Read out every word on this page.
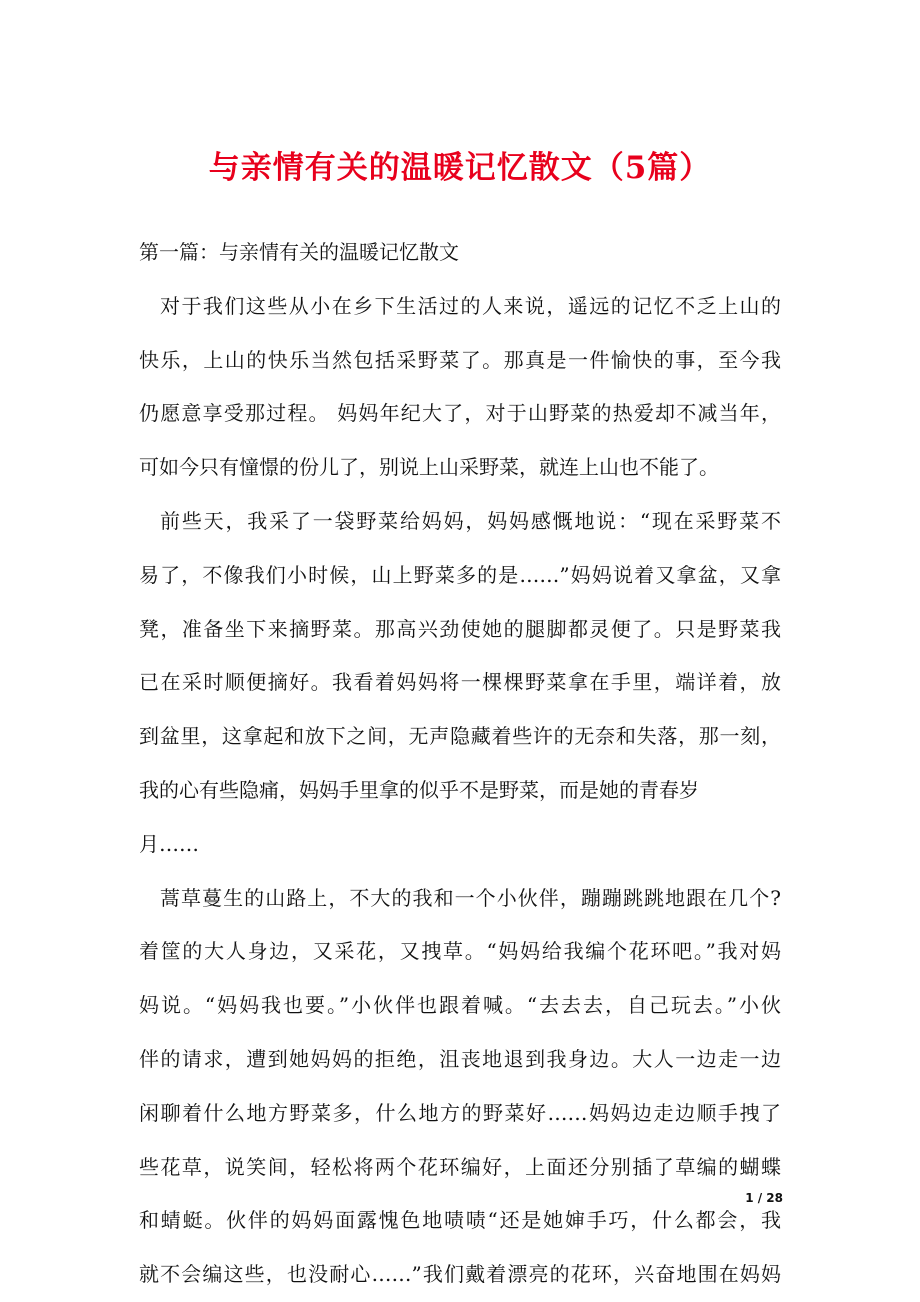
与亲情有关的温暖记忆散文（5篇）
第一篇：与亲情有关的温暖记忆散文
对于我们这些从小在乡下生活过的人来说，遥远的记忆不乏上山的
快乐，上山的快乐当然包括采野菜了。那真是一件愉快的事，至今我
仍愿意享受那过程。 妈妈年纪大了，对于山野菜的热爱却不减当年，
可如今只有憧憬的份儿了，别说上山采野菜，就连上山也不能了。
前些天，我采了一袋野菜给妈妈，妈妈感慨地说：“现在采野菜不
易了，不像我们小时候，山上野菜多的是……”妈妈说着又拿盆，又拿
凳，准备坐下来摘野菜。那高兴劲使她的腿脚都灵便了。只是野菜我
已在采时顺便摘好。我看着妈妈将一棵棵野菜拿在手里，端详着，放
到盆里，这拿起和放下之间，无声隐藏着些许的无奈和失落，那一刻，
我的心有些隐痛，妈妈手里拿的似乎不是野菜，而是她的青春岁
月……
蒿草蔓生的山路上，不大的我和一个小伙伴，蹦蹦跳跳地跟在几个?
着筐的大人身边，又采花，又拽草。“妈妈给我编个花环吧。”我对妈
妈说。“妈妈我也要。”小伙伴也跟着喊。“去去去，自己玩去。”小伙
伴的请求，遭到她妈妈的拒绝，沮丧地退到我身边。大人一边走一边
闲聊着什么地方野菜多，什么地方的野菜好……妈妈边走边顺手拽了
些花草，说笑间，轻松将两个花环编好，上面还分别插了草编的蝴蝶
和蜻蜓。伙伴的妈妈面露愧色地啧啧“还是她婶手巧，什么都会，我
就不会编这些，也没耐心……”我们戴着漂亮的花环，兴奋地围在妈妈
1 / 28
